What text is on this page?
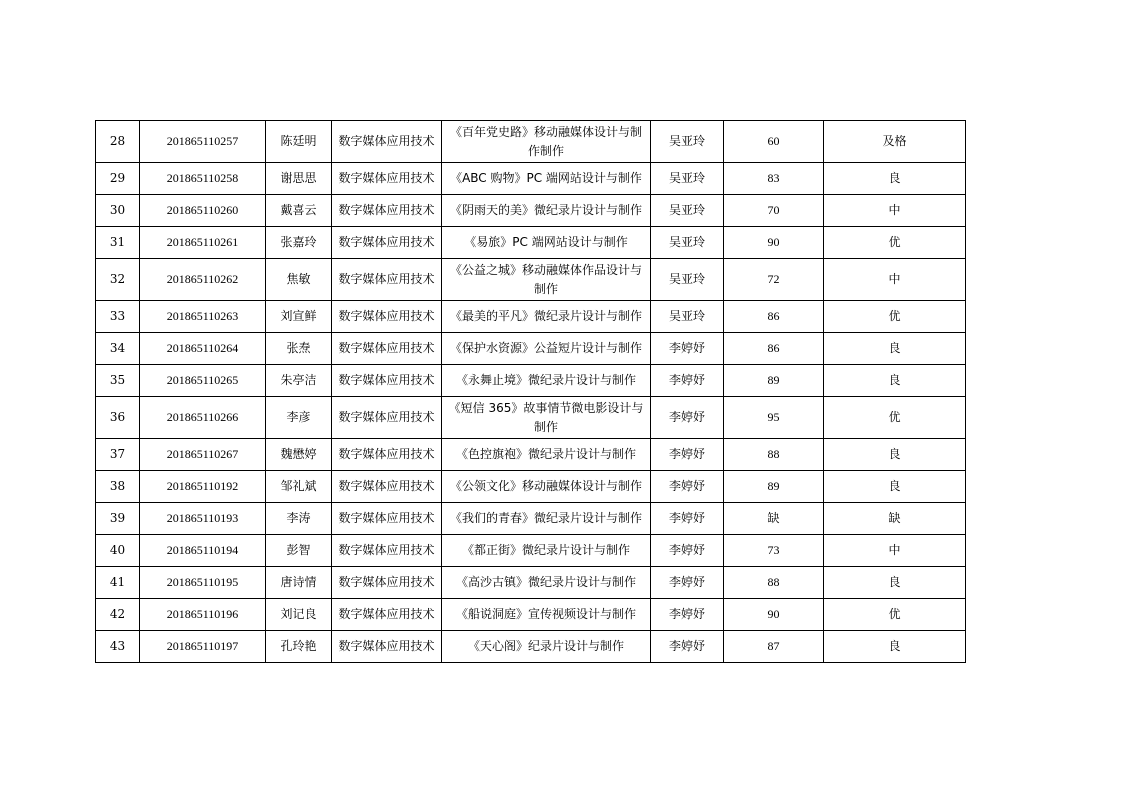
28	201865110257	陈廷明	数字媒体应用技术	《百年党史路》移动融媒体设计与制作制作	吴亚玲	60	及格
29	201865110258	谢思思	数字媒体应用技术	《ABC 购物》PC 端网站设计与制作	吴亚玲	83	良
30	201865110260	戴喜云	数字媒体应用技术	《阴雨天的美》微纪录片设计与制作	吴亚玲	70	中
31	201865110261	张嘉玲	数字媒体应用技术	《易旅》PC 端网站设计与制作	吴亚玲	90	优
32	201865110262	焦敏	数字媒体应用技术	《公益之城》移动融媒体作品设计与制作	吴亚玲	72	中
33	201865110263	刘宣鲜	数字媒体应用技术	《最美的平凡》微纪录片设计与制作	吴亚玲	86	优
34	201865110264	张焘	数字媒体应用技术	《保护水资源》公益短片设计与制作	李婷妤	86	良
35	201865110265	朱亭洁	数字媒体应用技术	《永舞止境》微纪录片设计与制作	李婷妤	89	良
36	201865110266	李彦	数字媒体应用技术	《短信 365》故事情节微电影设计与制作	李婷妤	95	优
37	201865110267	魏懋婷	数字媒体应用技术	《色控旗袍》微纪录片设计与制作	李婷妤	88	良
38	201865110192	邹礼斌	数字媒体应用技术	《公领文化》移动融媒体设计与制作	李婷妤	89	良
39	201865110193	李涛	数字媒体应用技术	《我们的青春》微纪录片设计与制作	李婷妤	缺	缺
40	201865110194	彭智	数字媒体应用技术	《都正街》微纪录片设计与制作	李婷妤	73	中
41	201865110195	唐诗情	数字媒体应用技术	《高沙古镇》微纪录片设计与制作	李婷妤	88	良
42	201865110196	刘记良	数字媒体应用技术	《船说洞庭》宣传视频设计与制作	李婷妤	90	优
43	201865110197	孔玲艳	数字媒体应用技术	《天心阁》纪录片设计与制作	李婷妤	87	良
